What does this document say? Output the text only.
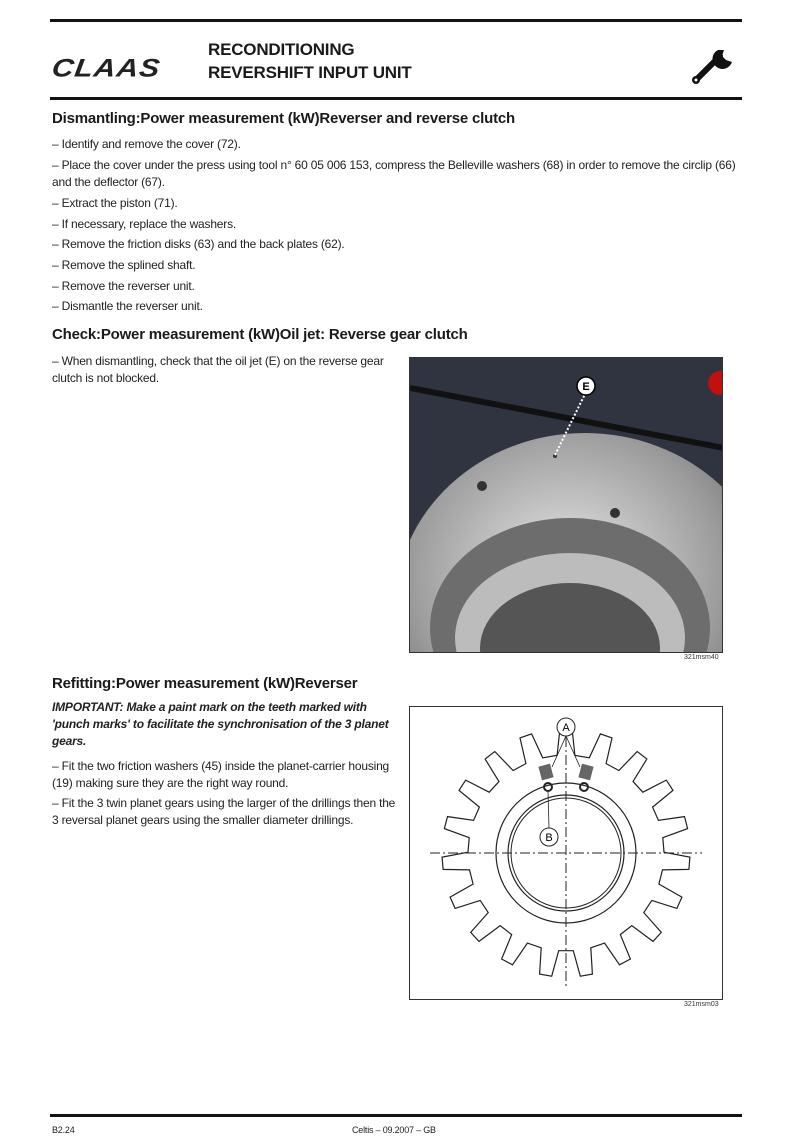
CLAAS
RECONDITIONING
REVERSHIFT INPUT UNIT
Dismantling:Power measurement (kW)Reverser and reverse clutch
– Identify and remove the cover (72).
– Place the cover under the press using tool n° 60 05 006 153, compress the Belleville washers (68) in order to remove the circlip (66) and the deflector (67).
– Extract the piston (71).
– If necessary, replace the washers.
– Remove the friction disks (63) and the back plates (62).
– Remove the splined shaft.
– Remove the reverser unit.
– Dismantle the reverser unit.
Check:Power measurement (kW)Oil jet: Reverse gear clutch
– When dismantling, check that the oil jet (E) on the reverse gear clutch is not blocked.
E
321msm40
Refitting:Power measurement (kW)Reverser
IMPORTANT: Make a paint mark on the teeth marked with 'punch marks' to facilitate the synchronisation of the 3 planet gears.
– Fit the two friction washers (45) inside the planet-carrier housing (19) making sure they are the right way round.
– Fit the 3 twin planet gears using the larger of the drillings then the 3 reversal planet gears using the smaller diameter drillings.
A
B
321msm03
B2.24	Celtis – 09.2007 – GB
